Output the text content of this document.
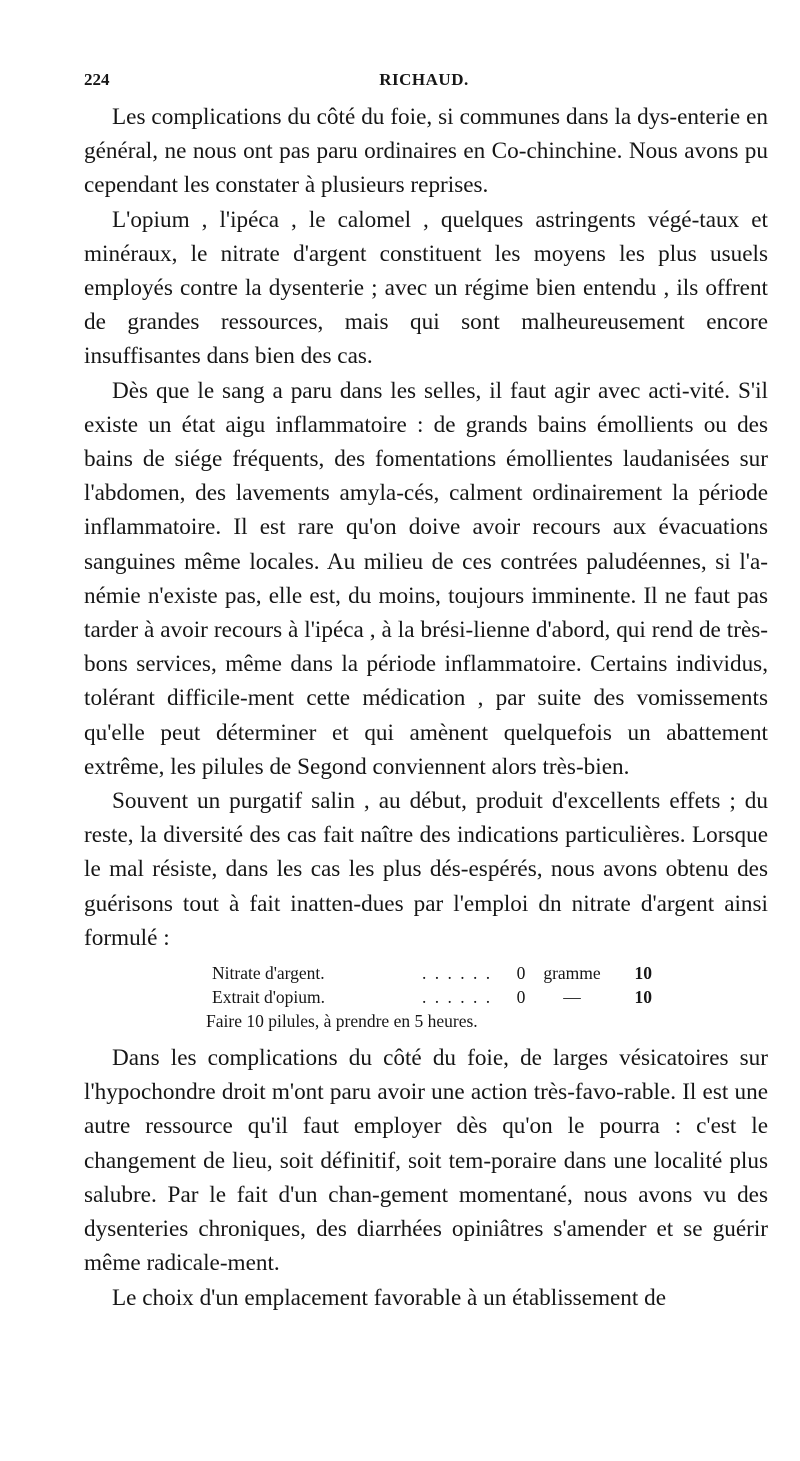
224	RICHAUD.

Les complications du côté du foie, si communes dans la dys-enterie en général, ne nous ont pas paru ordinaires en Co-chinchine. Nous avons pu cependant les constater à plusieurs reprises.

L'opium , l'ipéca , le calomel , quelques astringents végé-taux et minéraux, le nitrate d'argent constituent les moyens les plus usuels employés contre la dysenterie ; avec un régime bien entendu , ils offrent de grandes ressources, mais qui sont malheureusement encore insuffisantes dans bien des cas.

Dès que le sang a paru dans les selles, il faut agir avec acti-vité. S'il existe un état aigu inflammatoire : de grands bains émollients ou des bains de siége fréquents, des fomentations émollientes laudanisées sur l'abdomen, des lavements amyla-cés, calment ordinairement la période inflammatoire. Il est rare qu'on doive avoir recours aux évacuations sanguines même locales. Au milieu de ces contrées paludéennes, si l'a-némie n'existe pas, elle est, du moins, toujours imminente. Il ne faut pas tarder à avoir recours à l'ipéca , à la brési-lienne d'abord, qui rend de très-bons services, même dans la période inflammatoire. Certains individus, tolérant difficile-ment cette médication , par suite des vomissements qu'elle peut déterminer et qui amènent quelquefois un abattement extrême, les pilules de Segond conviennent alors très-bien.

Souvent un purgatif salin , au début, produit d'excellents effets ; du reste, la diversité des cas fait naître des indications particulières. Lorsque le mal résiste, dans les cas les plus dés-espérés, nous avons obtenu des guérisons tout à fait inatten-dues par l'emploi dn nitrate d'argent ainsi formulé :

Nitrate d'argent.	. . . . . .	0	gramme	10
Extrait d'opium.	. . . . . .	0	—	10
Faire 10 pilules, à prendre en 5 heures.

Dans les complications du côté du foie, de larges vésicatoires sur l'hypochondre droit m'ont paru avoir une action très-favo-rable. Il est une autre ressource qu'il faut employer dès qu'on le pourra : c'est le changement de lieu, soit définitif, soit tem-poraire dans une localité plus salubre. Par le fait d'un chan-gement momentané, nous avons vu des dysenteries chroniques, des diarrhées opiniâtres s'amender et se guérir même radicale-ment.

Le choix d'un emplacement favorable à un établissement de
